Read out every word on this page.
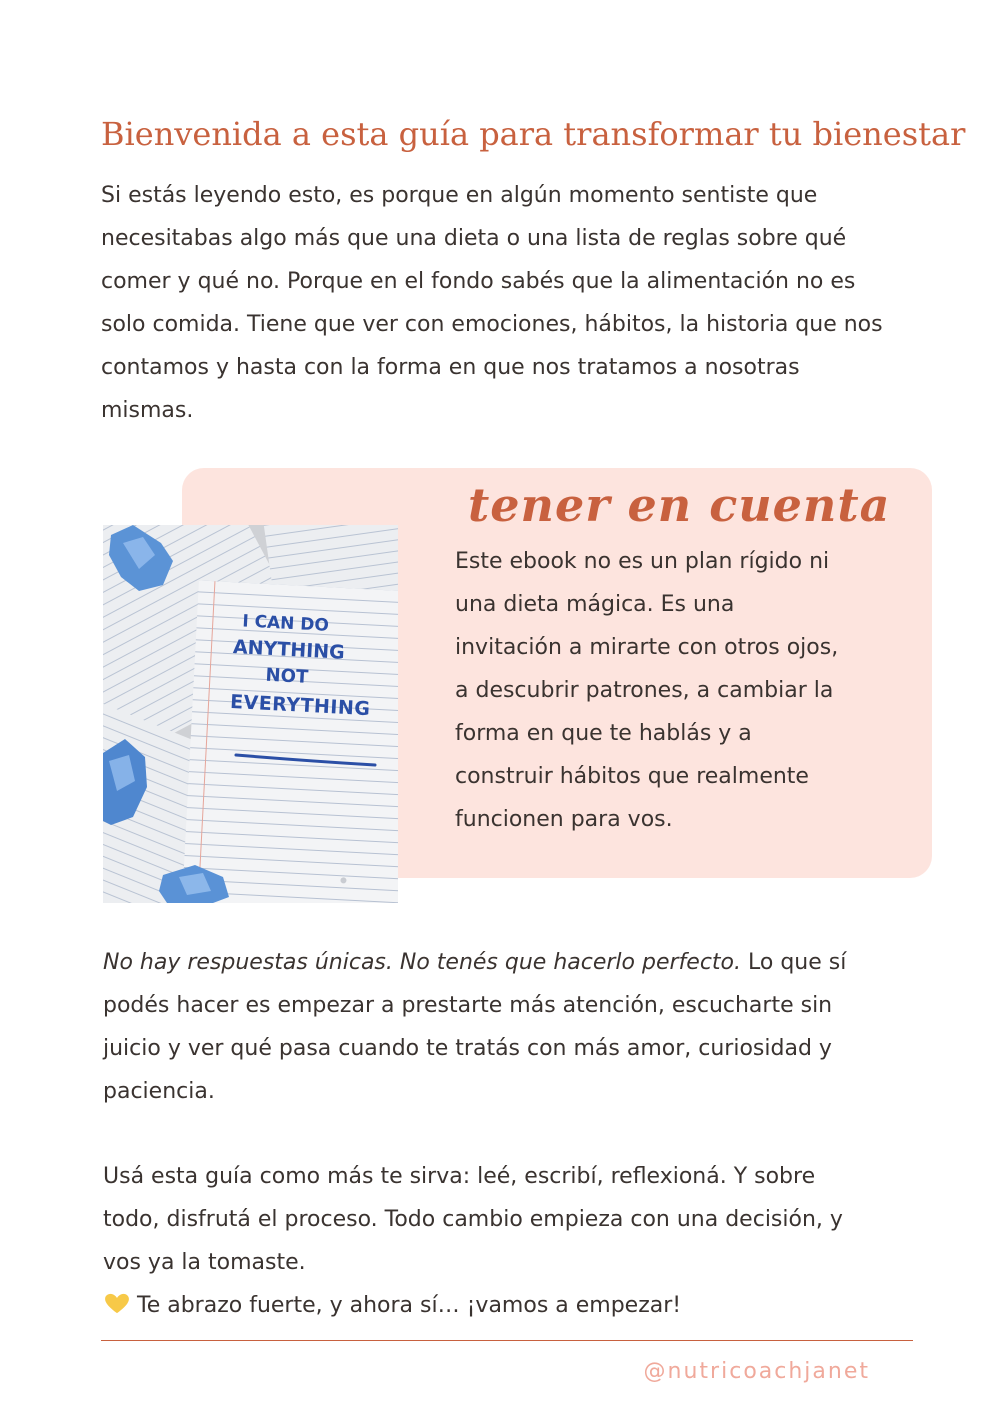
Bienvenida a esta guía para transformar tu bienestar

Si estás leyendo esto, es porque en algún momento sentiste que
necesitabas algo más que una dieta o una lista de reglas sobre qué
comer y qué no. Porque en el fondo sabés que la alimentación no es
solo comida. Tiene que ver con emociones, hábitos, la historia que nos
contamos y hasta con la forma en que nos tratamos a nosotras
mismas.

tener en cuenta

Este ebook no es un plan rígido ni
una dieta mágica. Es una
invitación a mirarte con otros ojos,
a descubrir patrones, a cambiar la
forma en que te hablás y a
construir hábitos que realmente
funcionen para vos.

I CAN DO
ANYTHING
NOT
EVERYTHING

No hay respuestas únicas. No tenés que hacerlo perfecto. Lo que sí
podés hacer es empezar a prestarte más atención, escucharte sin
juicio y ver qué pasa cuando te tratás con más amor, curiosidad y
paciencia.

Usá esta guía como más te sirva: leé, escribí, reflexioná. Y sobre
todo, disfrutá el proceso. Todo cambio empieza con una decisión, y
vos ya la tomaste.
Te abrazo fuerte, y ahora sí… ¡vamos a empezar!

@nutricoachjanet
